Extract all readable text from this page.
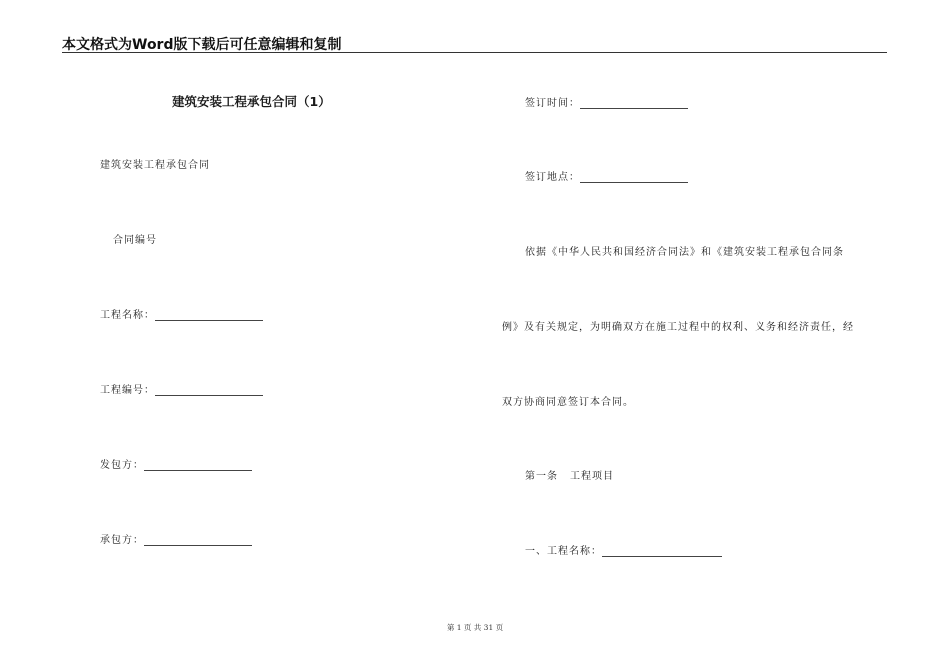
本文格式为Word版下载后可任意编辑和复制
建筑安装工程承包合同（1）
建筑安装工程承包合同
合同编号
工程名称：
工程编号：
发包方：
承包方：
签订时间：
签订地点：
依据《中华人民共和国经济合同法》和《建筑安装工程承包合同条
例》及有关规定，为明确双方在施工过程中的权利、义务和经济责任，经
双方协商同意签订本合同。
第一条 工程项目
一、工程名称：
第 1 页 共 31 页
